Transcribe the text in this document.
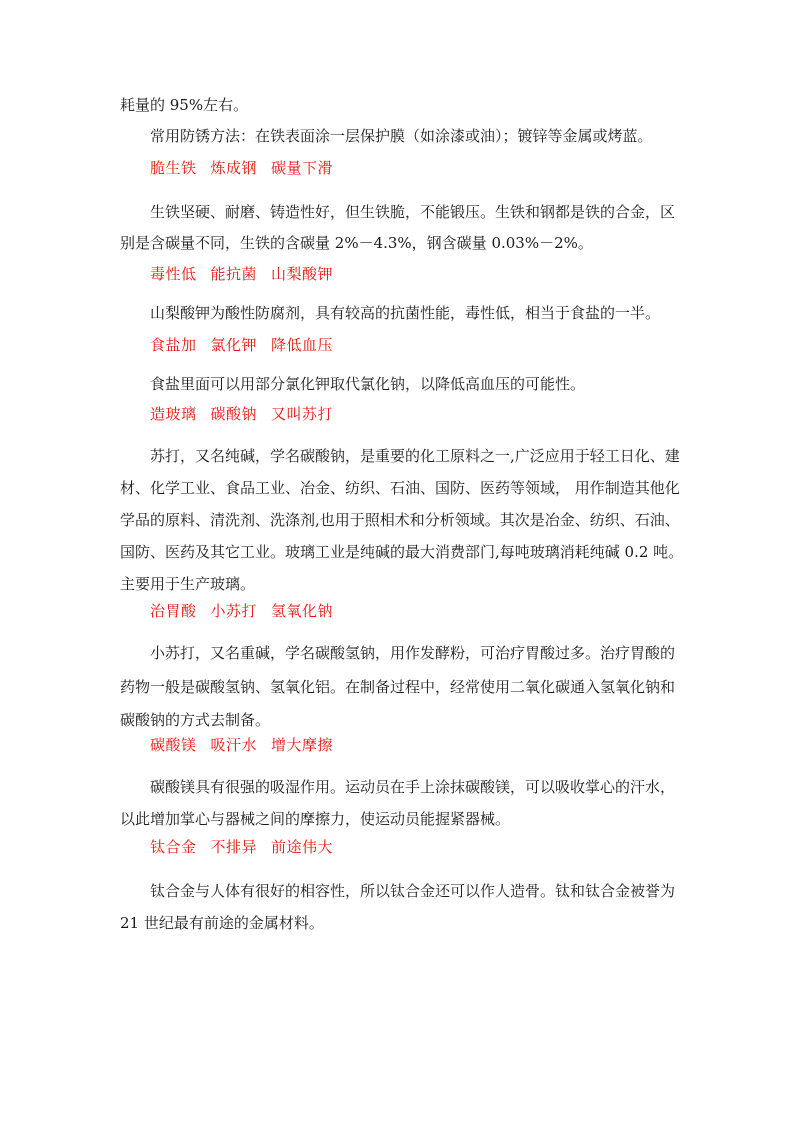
耗量的 95%左右。

常用防锈方法：在铁表面涂一层保护膜（如涂漆或油）；镀锌等金属或烤蓝。

脆生铁 炼成钢 碳量下滑

生铁坚硬、耐磨、铸造性好，但生铁脆，不能锻压。生铁和钢都是铁的合金，区别是含碳量不同，生铁的含碳量 2%－4.3%，钢含碳量 0.03%－2%。

毒性低 能抗菌 山梨酸钾

山梨酸钾为酸性防腐剂，具有较高的抗菌性能，毒性低，相当于食盐的一半。

食盐加 氯化钾 降低血压

食盐里面可以用部分氯化钾取代氯化钠，以降低高血压的可能性。

造玻璃 碳酸钠 又叫苏打

苏打，又名纯碱，学名碳酸钠，是重要的化工原料之一,广泛应用于轻工日化、建材、化学工业、食品工业、冶金、纺织、石油、国防、医药等领域， 用作制造其他化学品的原料、清洗剂、洗涤剂,也用于照相术和分析领域。其次是冶金、纺织、石油、国防、医药及其它工业。玻璃工业是纯碱的最大消费部门,每吨玻璃消耗纯碱 0.2 吨。主要用于生产玻璃。

治胃酸 小苏打 氢氧化钠

小苏打，又名重碱，学名碳酸氢钠，用作发酵粉，可治疗胃酸过多。治疗胃酸的药物一般是碳酸氢钠、氢氧化铝。在制备过程中，经常使用二氧化碳通入氢氧化钠和碳酸钠的方式去制备。

碳酸镁 吸汗水 增大摩擦

碳酸镁具有很强的吸湿作用。运动员在手上涂抹碳酸镁，可以吸收掌心的汗水，以此增加掌心与器械之间的摩擦力，使运动员能握紧器械。

钛合金 不排异 前途伟大

钛合金与人体有很好的相容性，所以钛合金还可以作人造骨。钛和钛合金被誉为 21 世纪最有前途的金属材料。
